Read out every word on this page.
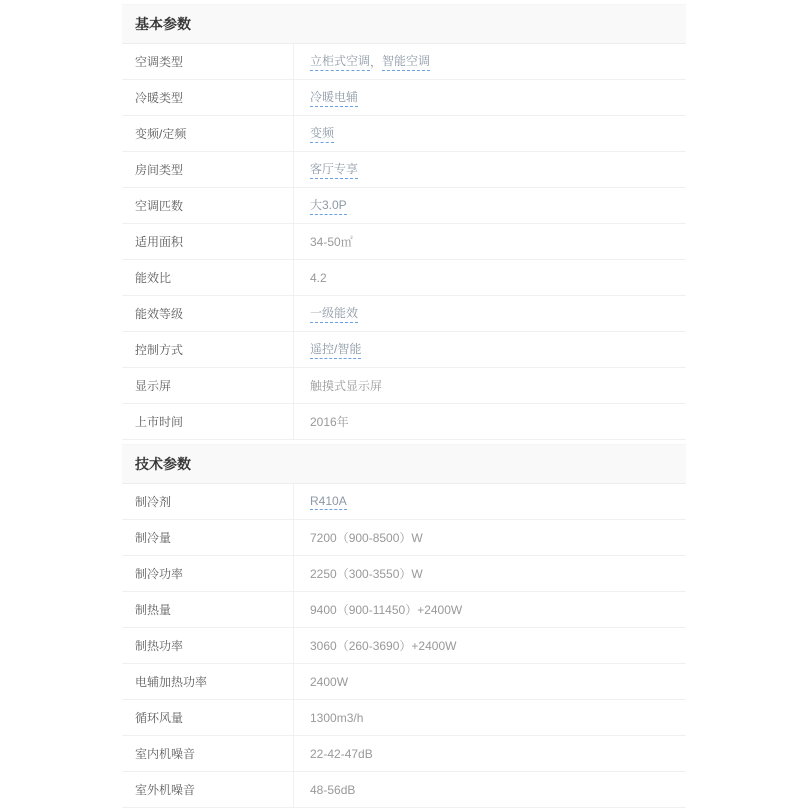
基本参数
空调类型	立柜式空调 ， 智能空调
冷暖类型	冷暖电辅
变频/定频	变频
房间类型	客厅专享
空调匹数	大3.0P
适用面积	34-50㎡
能效比	4.2
能效等级	一级能效
控制方式	遥控/智能
显示屏	触摸式显示屏
上市时间	2016年
技术参数
制冷剂	R410A
制冷量	7200（900-8500）W
制冷功率	2250（300-3550）W
制热量	9400（900-11450）+2400W
制热功率	3060（260-3690）+2400W
电辅加热功率	2400W
循环风量	1300m3/h
室内机噪音	22-42-47dB
室外机噪音	48-56dB
